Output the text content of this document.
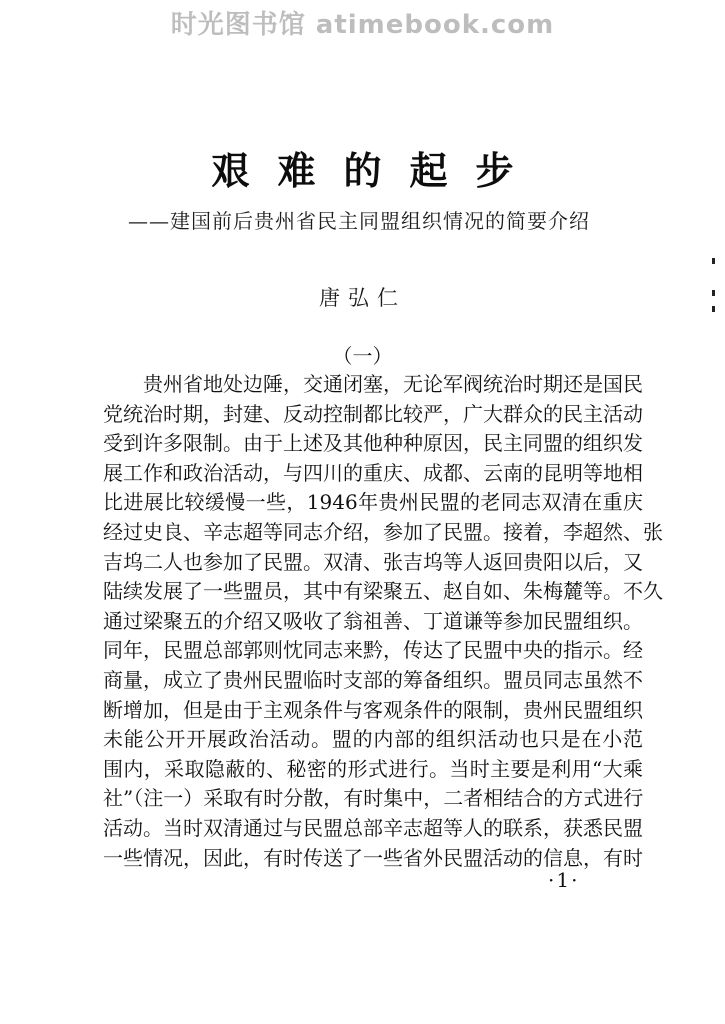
时光图书馆 atimebook.com
艰难的起步
——建国前后贵州省民主同盟组织情况的简要介绍
唐弘仁
（一）
贵州省地处边陲，交通闭塞，无论军阀统治时期还是国民
党统治时期，封建、反动控制都比较严，广大群众的民主活动
受到许多限制。由于上述及其他种种原因，民主同盟的组织发
展工作和政治活动，与四川的重庆、成都、云南的昆明等地相
比进展比较缓慢一些，1946年贵州民盟的老同志双清在重庆
经过史良、辛志超等同志介绍，参加了民盟。接着，李超然、张
吉坞二人也参加了民盟。双清、张吉坞等人返回贵阳以后，又
陆续发展了一些盟员，其中有梁聚五、赵自如、朱梅麓等。不久
通过梁聚五的介绍又吸收了翁祖善、丁道谦等参加民盟组织。
同年，民盟总部郭则忱同志来黔，传达了民盟中央的指示。经
商量，成立了贵州民盟临时支部的筹备组织。盟员同志虽然不
断增加，但是由于主观条件与客观条件的限制，贵州民盟组织
未能公开开展政治活动。盟的内部的组织活动也只是在小范
围内，采取隐蔽的、秘密的形式进行。当时主要是利用“大乘
社”（注一）采取有时分散，有时集中，二者相结合的方式进行
活动。当时双清通过与民盟总部辛志超等人的联系，获悉民盟
一些情况，因此，有时传送了一些省外民盟活动的信息，有时
·1·
